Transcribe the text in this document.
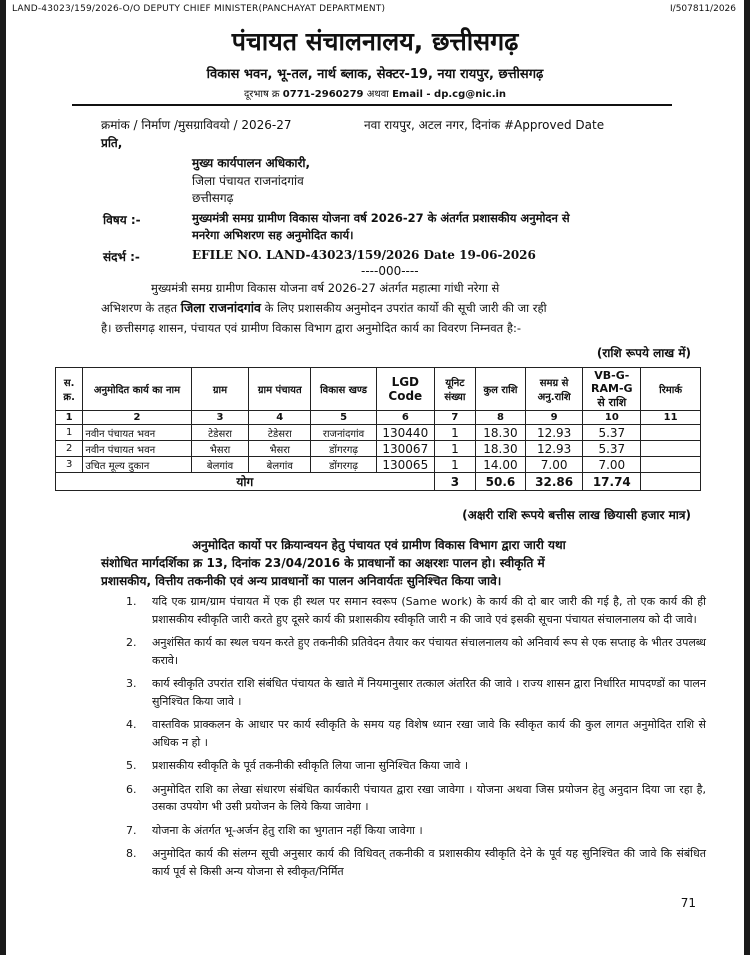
LAND-43023/159/2026-O/O DEPUTY CHIEF MINISTER(PANCHAYAT DEPARTMENT)	I/507811/2026
पंचायत संचालनालय, छत्तीसगढ़
विकास भवन, भू-तल, नार्थ ब्लाक, सेक्टर-19, नया रायपुर, छत्तीसगढ़
दूरभाष क्र 0771-2960279 अथवा Email - dp.cg@nic.in
क्रमांक / निर्माण /मुसग्राविवयो / 2026-27	नवा रायपुर, अटल नगर, दिनांक #Approved Date
प्रति,
मुख्य कार्यपालन अधिकारी,
जिला पंचायत राजनांदगांव
छत्तीसगढ़
विषय :-	मुख्यमंत्री समग्र ग्रामीण विकास योजना वर्ष 2026-27 के अंतर्गत प्रशासकीय अनुमोदन से
मनरेगा अभिशरण सह अनुमोदित कार्य।
संदर्भ :-	EFILE NO. LAND-43023/159/2026 Date 19-06-2026
----000----
मुख्यमंत्री समग्र ग्रामीण विकास योजना वर्ष 2026-27 अंतर्गत महात्मा गांधी नरेगा से
अभिशरण के तहत जिला राजनांदगांव के लिए प्रशासकीय अनुमोदन उपरांत कार्यो की सूची जारी की जा रही
है। छत्तीसगढ़ शासन, पंचायत एवं ग्रामीण विकास विभाग द्वारा अनुमोदित कार्य का विवरण निम्नवत है:-
(राशि रूपये लाख में)
स. क्र.	अनुमोदित कार्य का नाम	ग्राम	ग्राम पंचायत	विकास खण्ड	LGD Code	यूनिट संख्या	कुल राशि	समग्र से अनु.राशि	VB-G-RAM-G से राशि	रिमार्क
1	2	3	4	5	6	7	8	9	10	11
1	नवीन पंचायत भवन	टेडेसरा	टेडेसरा	राजनांदगांव	130440	1	18.30	12.93	5.37	
2	नवीन पंचायत भवन	भैसरा	भैसरा	डोंगरगढ़	130067	1	18.30	12.93	5.37	
3	उचित मूल्य दुकान	बेलगांव	बेलगांव	डोंगरगढ़	130065	1	14.00	7.00	7.00	
योग						3	50.6	32.86	17.74	
(अक्षरी राशि रूपये बत्तीस लाख छियासी हजार मात्र)
अनुमोदित कार्यो पर क्रियान्वयन हेतु पंचायत एवं ग्रामीण विकास विभाग द्वारा जारी यथा
संशोधित मार्गदर्शिका क्र 13, दिनांक 23/04/2016 के प्रावधानों का अक्षरशः पालन हो। स्वीकृति में
प्रशासकीय, वित्तीय तकनीकी एवं अन्य प्रावधानों का पालन अनिवार्यतः सुनिश्चित किया जावे।
1. यदि एक ग्राम/ग्राम पंचायत में एक ही स्थल पर समान स्वरूप (Same work) के कार्य की दो बार जारी की गई है, तो एक कार्य की ही प्रशासकीय स्वीकृति जारी करते हुए दूसरे कार्य की प्रशासकीय स्वीकृति जारी न की जावे एवं इसकी सूचना पंचायत संचालनालय को दी जावे।
2. अनुशंसित कार्य का स्थल चयन करते हुए तकनीकी प्रतिवेदन तैयार कर पंचायत संचालनालय को अनिवार्य रूप से एक सप्ताह के भीतर उपलब्ध करावे।
3. कार्य स्वीकृति उपरांत राशि संबंधित पंचायत के खाते में नियमानुसार तत्काल अंतरित की जावे । राज्य शासन द्वारा निर्धारित मापदण्डों का पालन सुनिश्चित किया जावे ।
4. वास्तविक प्राक्कलन के आधार पर कार्य स्वीकृति के समय यह विशेष ध्यान रखा जावे कि स्वीकृत कार्य की कुल लागत अनुमोदित राशि से अधिक न हो ।
5. प्रशासकीय स्वीकृति के पूर्व तकनीकी स्वीकृति लिया जाना सुनिश्चित किया जावे ।
6. अनुमोदित राशि का लेखा संधारण संबंधित कार्यकारी पंचायत द्वारा रखा जावेगा । योजना अथवा जिस प्रयोजन हेतु अनुदान दिया जा रहा है, उसका उपयोग भी उसी प्रयोजन के लिये किया जावेगा ।
7. योजना के अंतर्गत भू-अर्जन हेतु राशि का भुगतान नहीं किया जावेगा ।
8. अनुमोदित कार्य की संलग्न सूची अनुसार कार्य की विधिवत् तकनीकी व प्रशासकीय स्वीकृति देने के पूर्व यह सुनिश्चित की जावे कि संबंधित कार्य पूर्व से किसी अन्य योजना से स्वीकृत/निर्मित
71
